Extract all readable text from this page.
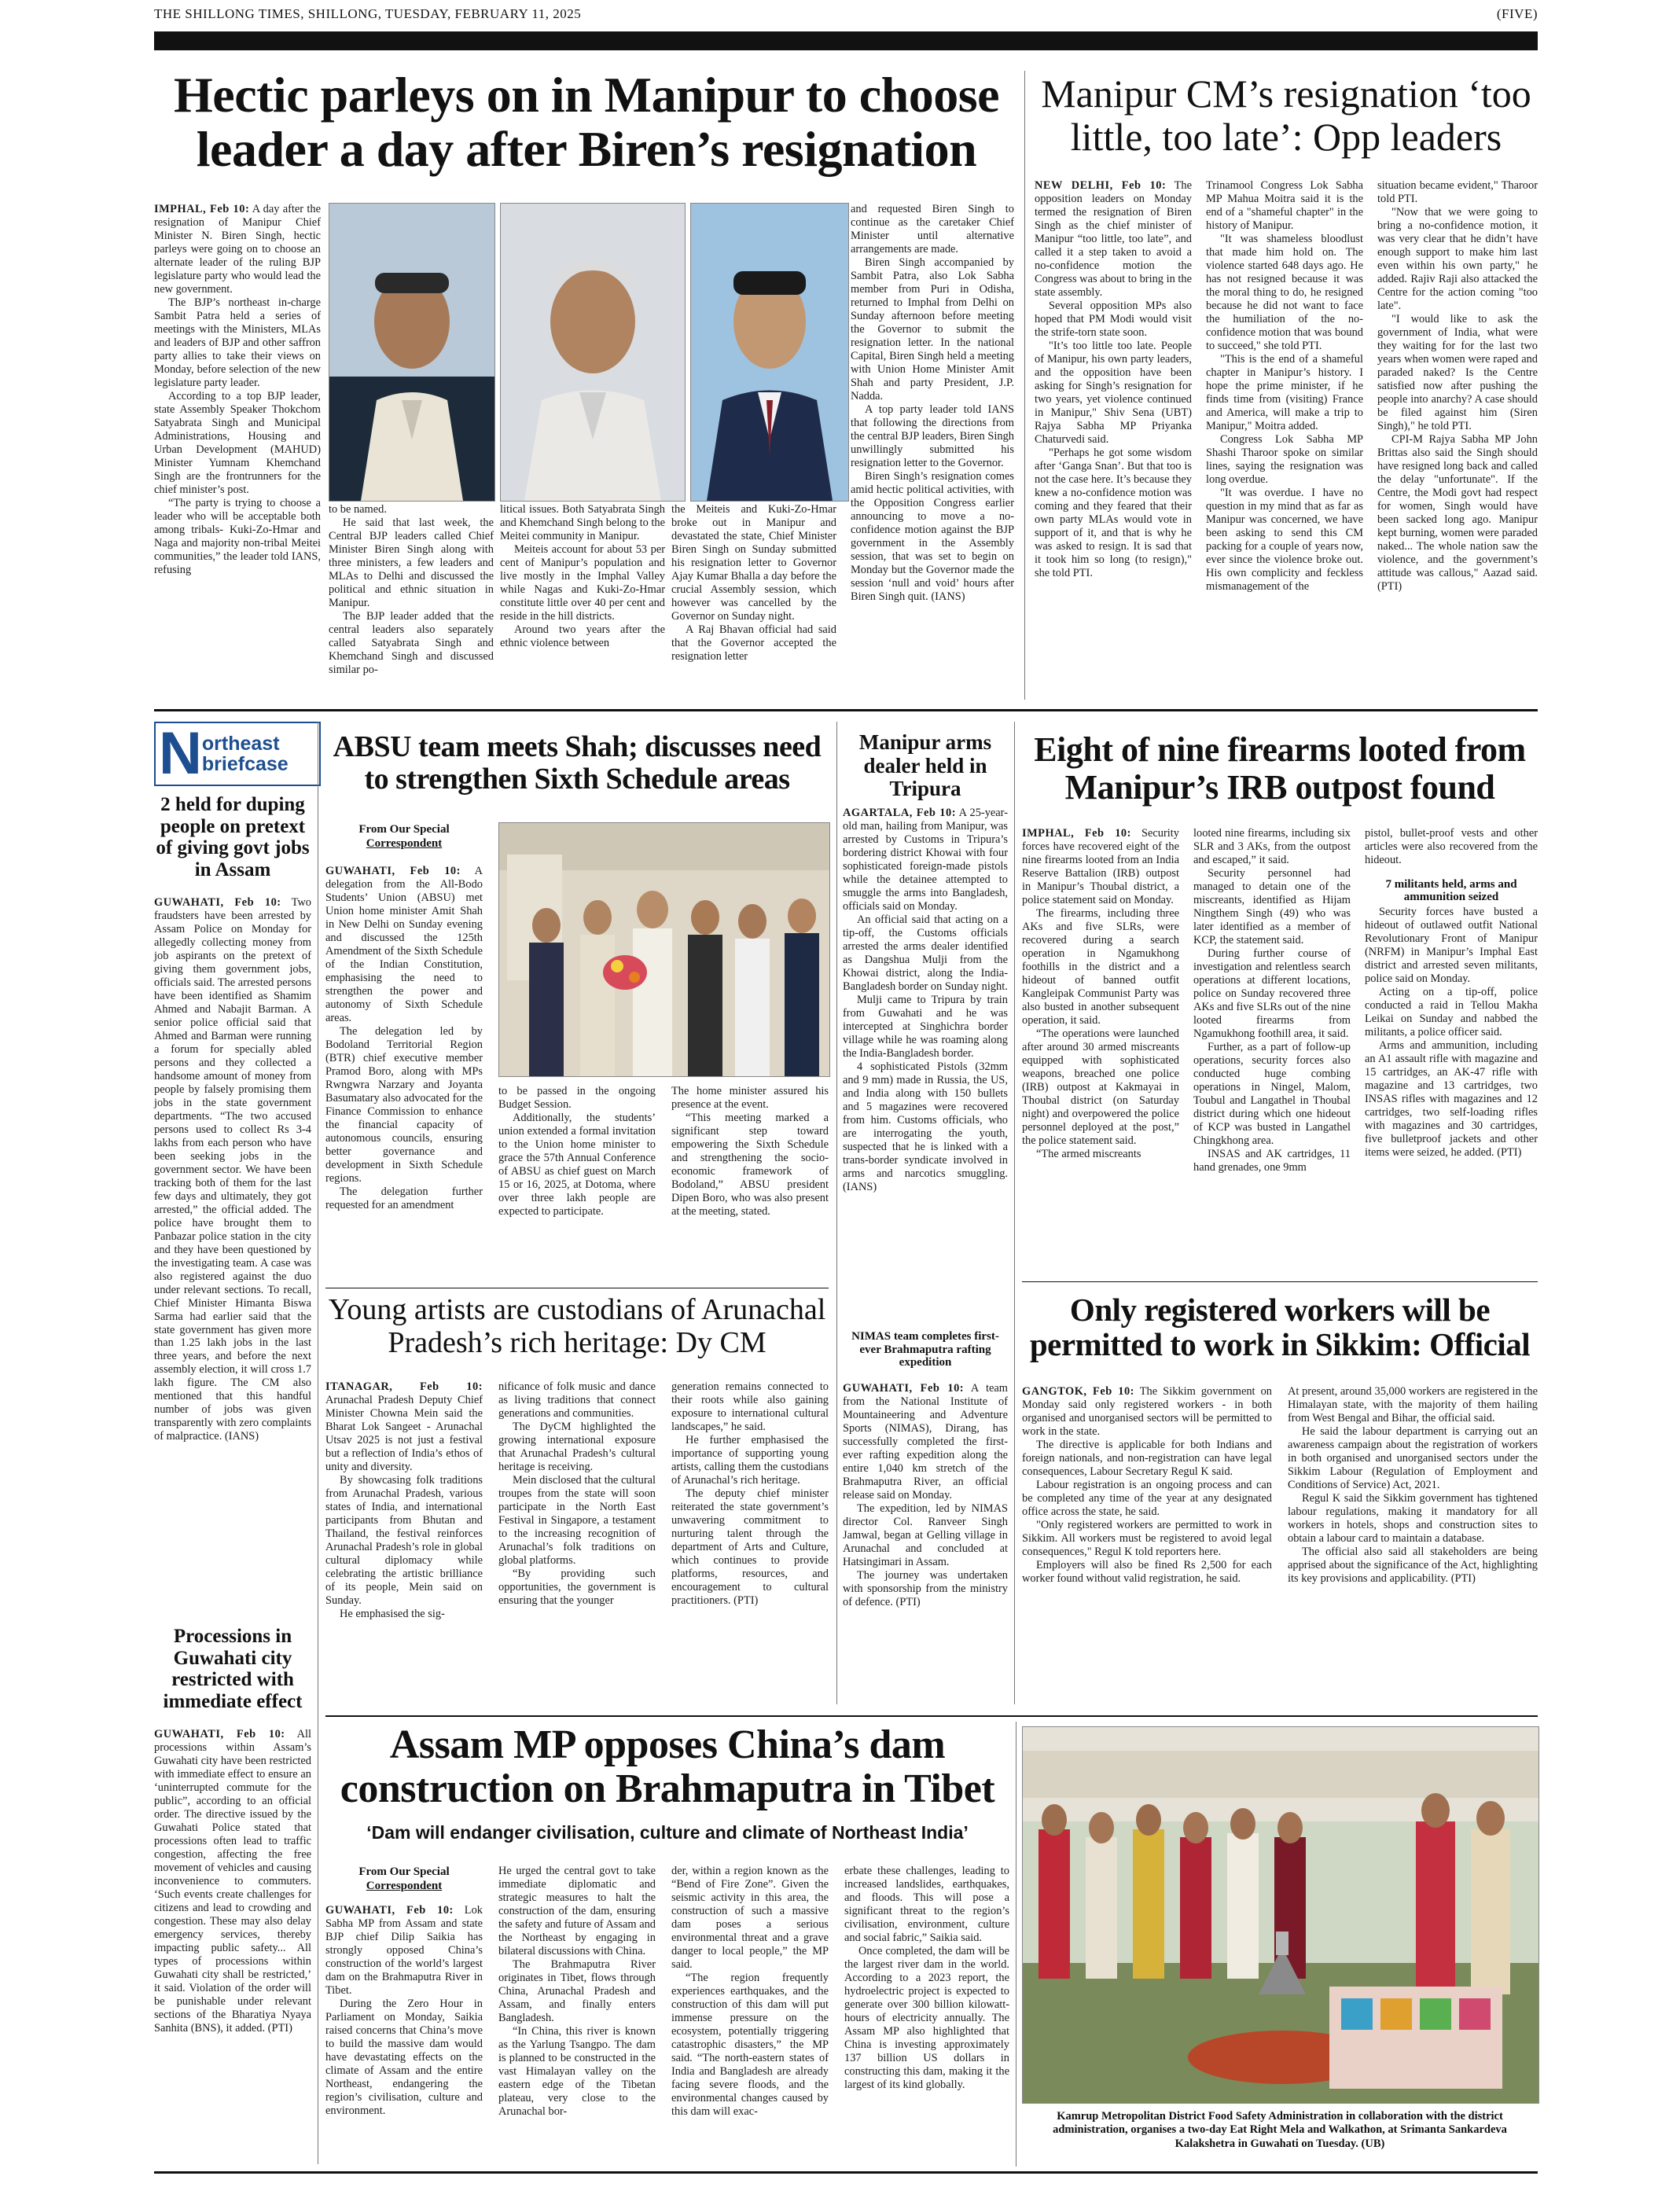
THE SHILLONG TIMES, SHILLONG, TUESDAY, FEBRUARY 11, 2025	(FIVE)
Hectic parleys on in Manipur to choose leader a day after Biren’s resignation

IMPHAL, Feb 10: A day after the resignation of Manipur Chief Minister N. Biren Singh, hectic parleys were going on to choose an alternate leader of the ruling BJP legislature party who would lead the new government.

The BJP’s northeast in-charge Sambit Patra held a series of meetings with the Ministers, MLAs and leaders of BJP and other saffron party allies to take their views on Monday, before selection of the new legislature party leader.

According to a top BJP leader, state Assembly Speaker Thokchom Satyabrata Singh and Municipal Administrations, Housing and Urban Development (MAHUD) Minister Yumnam Khemchand Singh are the frontrunners for the chief minister’s post.

“The party is trying to choose a leader who will be acceptable both among tribals- Kuki-Zo-Hmar and Naga and majority non-tribal Meitei communities,” the leader told IANS, refusing

to be named.

He said that last week, the Central BJP leaders called Chief Minister Biren Singh along with three ministers, a few leaders and MLAs to Delhi and discussed the political and ethnic situation in Manipur.

The BJP leader added that the central leaders also separately called Satyabrata Singh and Khemchand Singh and discussed similar po-

litical issues. Both Satyabrata Singh and Khemchand Singh belong to the Meitei community in Manipur.

Meiteis account for about 53 per cent of Manipur’s population and live mostly in the Imphal Valley while Nagas and Kuki-Zo-Hmar constitute little over 40 per cent and reside in the hill districts.

Around two years after the ethnic violence between

the Meiteis and Kuki-Zo-Hmar broke out in Manipur and devastated the state, Chief Minister Biren Singh on Sunday submitted his resignation letter to Governor Ajay Kumar Bhalla a day before the crucial Assembly session, which however was cancelled by the Governor on Sunday night.

A Raj Bhavan official had said that the Governor accepted the resignation letter

and requested Biren Singh to continue as the caretaker Chief Minister until alternative arrangements are made.

Biren Singh accompanied by Sambit Patra, also Lok Sabha member from Puri in Odisha, returned to Imphal from Delhi on Sunday afternoon before meeting the Governor to submit the resignation letter. In the national Capital, Biren Singh held a meeting with Union Home Minister Amit Shah and party President, J.P. Nadda.

A top party leader told IANS that following the directions from the central BJP leaders, Biren Singh unwillingly submitted his resignation letter to the Governor.

Biren Singh’s resignation comes amid hectic political activities, with the Opposition Congress earlier announcing to move a no-confidence motion against the BJP government in the Assembly session, that was set to begin on Monday but the Governor made the session ‘null and void’ hours after Biren Singh quit. (IANS)

Manipur CM’s resignation ‘too little, too late’: Opp leaders

NEW DELHI, Feb 10: The opposition leaders on Monday termed the resignation of Biren Singh as the chief minister of Manipur “too little, too late”, and called it a step taken to avoid a no-confidence motion the Congress was about to bring in the state assembly.

Several opposition MPs also hoped that PM Modi would visit the strife-torn state soon.

"It’s too little too late. People of Manipur, his own party leaders, and the opposition have been asking for Singh’s resignation for two years, yet violence continued in Manipur," Shiv Sena (UBT) Rajya Sabha MP Priyanka Chaturvedi said.

"Perhaps he got some wisdom after ‘Ganga Snan’. But that too is not the case here. It’s because they knew a no-confidence motion was coming and they feared that their own party MLAs would vote in support of it, and that is why he was asked to resign. It is sad that it took him so long (to resign)," she told PTI.

Trinamool Congress Lok Sabha MP Mahua Moitra said it is the end of a "shameful chapter" in the history of Manipur.

"It was shameless bloodlust that made him hold on. The violence started 648 days ago. He has not resigned because it was the moral thing to do, he resigned because he did not want to face the humiliation of the no-confidence motion that was bound to succeed," she told PTI.

"This is the end of a shameful chapter in Manipur’s history. I hope the prime minister, if he finds time from (visiting) France and America, will make a trip to Manipur," Moitra added.

Congress Lok Sabha MP Shashi Tharoor spoke on similar lines, saying the resignation was long overdue.

"It was overdue. I have no question in my mind that as far as Manipur was concerned, we have been asking to send this CM packing for a couple of years now, ever since the violence broke out. His own complicity and feckless mismanagement of the

situation became evident," Tharoor told PTI.

"Now that we were going to bring a no-confidence motion, it was very clear that he didn’t have enough support to make him last even within his own party," he added. Rajiv Raji also attacked the Centre for the action coming "too late".

"I would like to ask the government of India, what were they waiting for for the last two years when women were raped and paraded naked? Is the Centre satisfied now after pushing the people into anarchy? A case should be filed against him (Siren Singh)," he told PTI.

CPI-M Rajya Sabha MP John Brittas also said the Singh should have resigned long back and called the delay "unfortunate". If the Centre, the Modi govt had respect for women, Singh would have been sacked long ago. Manipur kept burning, women were paraded naked... The whole nation saw the violence, and the government’s attitude was callous," Aazad said. (PTI)

N ortheast
briefcase
2 held for duping people on pretext of giving govt jobs in Assam

GUWAHATI, Feb 10: Two fraudsters have been arrested by Assam Police on Monday for allegedly collecting money from job aspirants on the pretext of giving them government jobs, officials said. The arrested persons have been identified as Shamim Ahmed and Nabajit Barman. A senior police official said that Ahmed and Barman were running a forum for specially abled persons and they collected a handsome amount of money from people by falsely promising them jobs in the state government departments. “The two accused persons used to collect Rs 3-4 lakhs from each person who have been seeking jobs in the government sector. We have been tracking both of them for the last few days and ultimately, they got arrested,” the official added. The police have brought them to Panbazar police station in the city and they have been questioned by the investigating team. A case was also registered against the duo under relevant sections. To recall, Chief Minister Himanta Biswa Sarma had earlier said that the state government has given more than 1.25 lakh jobs in the last three years, and before the next assembly election, it will cross 1.7 lakh figure. The CM also mentioned that this handful number of jobs was given transparently with zero complaints of malpractice. (IANS)

Processions in Guwahati city restricted with immediate effect

GUWAHATI, Feb 10: All processions within Assam’s Guwahati city have been restricted with immediate effect to ensure an ‘uninterrupted commute for the public”, according to an official order. The directive issued by the Guwahati Police stated that processions often lead to traffic congestion, affecting the free movement of vehicles and causing inconvenience to commuters. ‘Such events create challenges for citizens and lead to crowding and congestion. These may also delay emergency services, thereby impacting public safety... All types of processions within Guwahati city shall be restricted,’ it said. Violation of the order will be punishable under relevant sections of the Bharatiya Nyaya Sanhita (BNS), it added. (PTI)

ABSU team meets Shah; discusses need to strengthen Sixth Schedule areas
From Our Special
Correspondent

GUWAHATI, Feb 10: A delegation from the All-Bodo Students’ Union (ABSU) met Union home minister Amit Shah in New Delhi on Sunday evening and discussed the 125th Amendment of the Sixth Schedule of the Indian Constitution, emphasising the need to strengthen the power and autonomy of Sixth Schedule areas.

The delegation led by Bodoland Territorial Region (BTR) chief executive member Pramod Boro, along with MPs Rwngwra Narzary and Joyanta Basumatary also advocated for the Finance Commission to enhance the financial capacity of autonomous councils, ensuring better governance and development in Sixth Schedule regions.

The delegation further requested for an amendment

to be passed in the ongoing Budget Session.

Additionally, the students’ union extended a formal invitation to the Union home minister to grace the 57th Annual Conference of ABSU as chief guest on March 15 or 16, 2025, at Dotoma, where over three lakh people are expected to participate.

The home minister assured his presence at the event.

“This meeting marked a significant step toward empowering the Sixth Schedule and strengthening the socio-economic framework of Bodoland,” ABSU president Dipen Boro, who was also present at the meeting, stated.

Manipur arms dealer held in Tripura

AGARTALA, Feb 10: A 25-year-old man, hailing from Manipur, was arrested by Customs in Tripura’s bordering district Khowai with four sophisticated foreign-made pistols while the detainee attempted to smuggle the arms into Bangladesh, officials said on Monday.

An official said that acting on a tip-off, the Customs officials arrested the arms dealer identified as Dangshua Mulji from the Khowai district, along the India-Bangladesh border on Sunday night.

Mulji came to Tripura by train from Guwahati and he was intercepted at Singhichra border village while he was roaming along the India-Bangladesh border.

4 sophisticated Pistols (32mm and 9 mm) made in Russia, the US, and India along with 150 bullets and 5 magazines were recovered from him. Customs officials, who are interrogating the youth, suspected that he is linked with a trans-border syndicate involved in arms and narcotics smuggling. (IANS)

NIMAS team completes first-ever Brahmaputra rafting expedition

GUWAHATI, Feb 10: A team from the National Institute of Mountaineering and Adventure Sports (NIMAS), Dirang, has successfully completed the first-ever rafting expedition along the entire 1,040 km stretch of the Brahmaputra River, an official release said on Monday.

The expedition, led by NIMAS director Col. Ranveer Singh Jamwal, began at Gelling village in Arunachal and concluded at Hatsingimari in Assam.

The journey was undertaken with sponsorship from the ministry of defence. (PTI)

Eight of nine firearms looted from Manipur’s IRB outpost found

IMPHAL, Feb 10: Security forces have recovered eight of the nine firearms looted from an India Reserve Battalion (IRB) outpost in Manipur’s Thoubal district, a police statement said on Monday.

The firearms, including three AKs and five SLRs, were recovered during a search operation in Ngamukhong foothills in the district and a hideout of banned outfit Kangleipak Communist Party was also busted in another subsequent operation, it said.

“The operations were launched after around 30 armed miscreants equipped with sophisticated weapons, breached one police (IRB) outpost at Kakmayai in Thoubal district (on Saturday night) and overpowered the police personnel deployed at the post,” the police statement said.

“The armed miscreants

looted nine firearms, including six SLR and 3 AKs, from the outpost and escaped,” it said.

Security personnel had managed to detain one of the miscreants, identified as Hijam Ningthem Singh (49) who was later identified as a member of KCP, the statement said.

During further course of investigation and relentless search operations at different locations, police on Sunday recovered three AKs and five SLRs out of the nine looted firearms from Ngamukhong foothill area, it said.

Further, as a part of follow-up operations, security forces also conducted huge combing operations in Ningel, Malom, Toubul and Langathel in Thoubal district during which one hideout of KCP was busted in Langathel Chingkhong area.

INSAS and AK cartridges, 11 hand grenades, one 9mm

pistol, bullet-proof vests and other articles were also recovered from the hideout.

7 militants held, arms and ammunition seized

Security forces have busted a hideout of outlawed outfit National Revolutionary Front of Manipur (NRFM) in Manipur’s Imphal East district and arrested seven militants, police said on Monday.

Acting on a tip-off, police conducted a raid in Tellou Makha Leikai on Sunday and nabbed the militants, a police officer said.

Arms and ammunition, including an A1 assault rifle with magazine and 15 cartridges, an AK-47 rifle with magazine and 13 cartridges, two INSAS rifles with magazines and 12 cartridges, two self-loading rifles with magazines and 30 cartridges, five bulletproof jackets and other items were seized, he added. (PTI)

Young artists are custodians of Arunachal Pradesh’s rich heritage: Dy CM

ITANAGAR, Feb 10: Arunachal Pradesh Deputy Chief Minister Chowna Mein said the Bharat Lok Sangeet - Arunachal Utsav 2025 is not just a festival but a reflection of India’s ethos of unity and diversity.

By showcasing folk traditions from Arunachal Pradesh, various states of India, and international participants from Bhutan and Thailand, the festival reinforces Arunachal Pradesh’s role in global cultural diplomacy while celebrating the artistic brilliance of its people, Mein said on Sunday.

He emphasised the sig-

nificance of folk music and dance as living traditions that connect generations and communities.

The DyCM highlighted the growing international exposure that Arunachal Pradesh’s cultural heritage is receiving.

Mein disclosed that the cultural troupes from the state will soon participate in the North East Festival in Singapore, a testament to the increasing recognition of Arunachal’s folk traditions on global platforms.

“By providing such opportunities, the government is ensuring that the younger

generation remains connected to their roots while also gaining exposure to international cultural landscapes,” he said.

He further emphasised the importance of supporting young artists, calling them the custodians of Arunachal’s rich heritage.

The deputy chief minister reiterated the state government’s unwavering commitment to nurturing talent through the department of Arts and Culture, which continues to provide platforms, resources, and encouragement to cultural practitioners. (PTI)

Only registered workers will be permitted to work in Sikkim: Official

GANGTOK, Feb 10: The Sikkim government on Monday said only registered workers - in both organised and unorganised sectors will be permitted to work in the state.

The directive is applicable for both Indians and foreign nationals, and non-registration can have legal consequences, Labour Secretary Regul K said.

Labour registration is an ongoing process and can be completed any time of the year at any designated office across the state, he said.

"Only registered workers are permitted to work in Sikkim. All workers must be registered to avoid legal consequences," Regul K told reporters here.

Employers will also be fined Rs 2,500 for each worker found without valid registration, he said.

At present, around 35,000 workers are registered in the Himalayan state, with the majority of them hailing from West Bengal and Bihar, the official said.

He said the labour department is carrying out an awareness campaign about the registration of workers in both organised and unorganised sectors under the Sikkim Labour (Regulation of Employment and Conditions of Service) Act, 2021.

Regul K said the Sikkim government has tightened labour regulations, making it mandatory for all workers in hotels, shops and construction sites to obtain a labour card to maintain a database.

The official also said all stakeholders are being apprised about the significance of the Act, highlighting its key provisions and applicability. (PTI)

Assam MP opposes China’s dam construction on Brahmaputra in Tibet
‘Dam will endanger civilisation, culture and climate of Northeast India’
From Our Special
Correspondent

GUWAHATI, Feb 10: Lok Sabha MP from Assam and state BJP chief Dilip Saikia has strongly opposed China’s construction of the world’s largest dam on the Brahmaputra River in Tibet.

During the Zero Hour in Parliament on Monday, Saikia raised concerns that China’s move to build the massive dam would have devastating effects on the climate of Assam and the entire Northeast, endangering the region’s civilisation, culture and environment.

He urged the central govt to take immediate diplomatic and strategic measures to halt the construction of the dam, ensuring the safety and future of Assam and the Northeast by engaging in bilateral discussions with China.

The Brahmaputra River originates in Tibet, flows through China, Arunachal Pradesh and Assam, and finally enters Bangladesh.

“In China, this river is known as the Yarlung Tsangpo. The dam is planned to be constructed in the vast Himalayan valley on the eastern edge of the Tibetan plateau, very close to the Arunachal bor-

der, within a region known as the “Bend of Fire Zone”. Given the seismic activity in this area, the construction of such a massive dam poses a serious environmental threat and a grave danger to local people,” the MP said.

“The region frequently experiences earthquakes, and the construction of this dam will put immense pressure on the ecosystem, potentially triggering catastrophic disasters,” the MP said. “The north-eastern states of India and Bangladesh are already facing severe floods, and the environmental changes caused by this dam will exac-

erbate these challenges, leading to increased landslides, earthquakes, and floods. This will pose a significant threat to the region’s civilisation, environment, culture and social fabric,” Saikia said.

Once completed, the dam will be the largest river dam in the world. According to a 2023 report, the hydroelectric project is expected to generate over 300 billion kilowatt-hours of electricity annually. The Assam MP also highlighted that China is investing approximately 137 billion US dollars in constructing this dam, making it the largest of its kind globally.

Kamrup Metropolitan District Food Safety Administration in collaboration with the district administration, organises a two-day Eat Right Mela and Walkathon, at Srimanta Sankardeva Kalakshetra in Guwahati on Tuesday. (UB)
